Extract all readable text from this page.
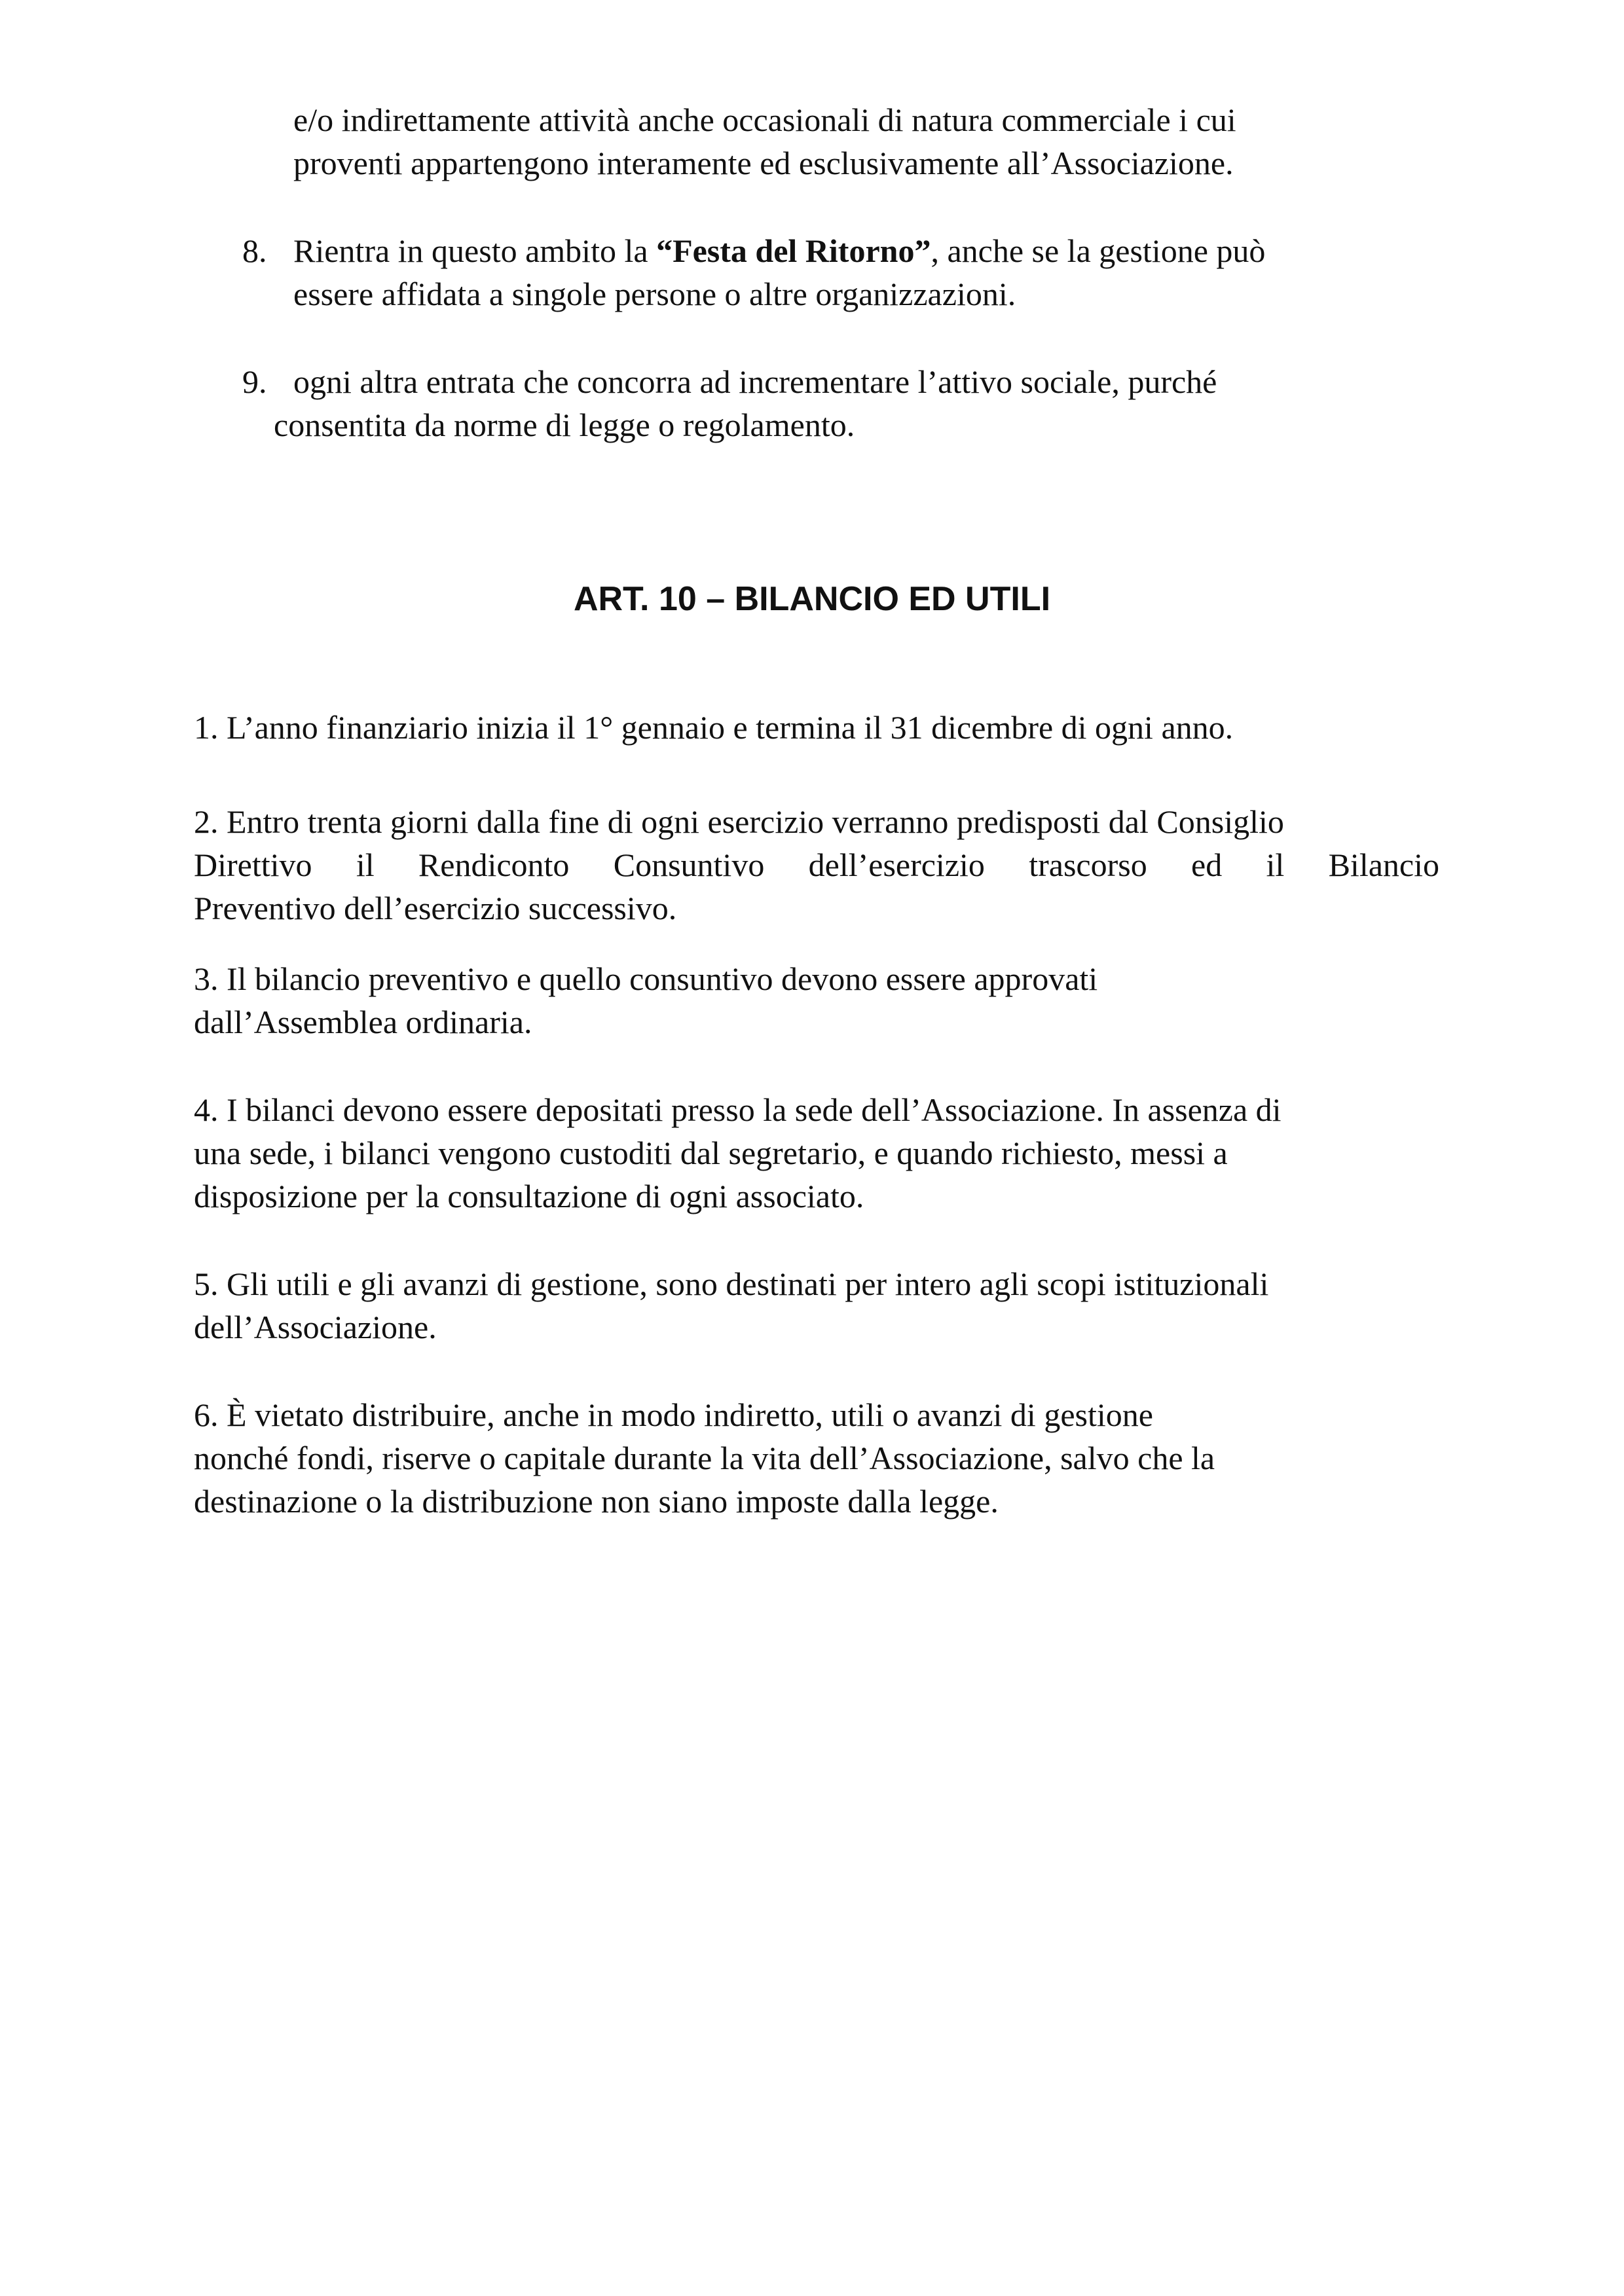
e/o indirettamente attività anche occasionali di natura commerciale i cui
proventi appartengono interamente ed esclusivamente all’Associazione.
8. Rientra in questo ambito la “Festa del Ritorno”, anche se la gestione può
essere affidata a singole persone o altre organizzazioni.
9. ogni altra entrata che concorra ad incrementare l’attivo sociale, purché
consentita da norme di legge o regolamento.
ART. 10 – BILANCIO ED UTILI
1. L’anno finanziario inizia il 1° gennaio e termina il 31 dicembre di ogni anno.
2. Entro trenta giorni dalla fine di ogni esercizio verranno predisposti dal Consiglio
Direttivo il Rendiconto Consuntivo dell’esercizio trascorso ed il Bilancio
Preventivo dell’esercizio successivo.
3. Il bilancio preventivo e quello consuntivo devono essere approvati
dall’Assemblea ordinaria.
4. I bilanci devono essere depositati presso la sede dell’Associazione. In assenza di
una sede, i bilanci vengono custoditi dal segretario, e quando richiesto, messi a
disposizione per la consultazione di ogni associato.
5. Gli utili e gli avanzi di gestione, sono destinati per intero agli scopi istituzionali
dell’Associazione.
6. È vietato distribuire, anche in modo indiretto, utili o avanzi di gestione
nonché fondi, riserve o capitale durante la vita dell’Associazione, salvo che la
destinazione o la distribuzione non siano imposte dalla legge.
